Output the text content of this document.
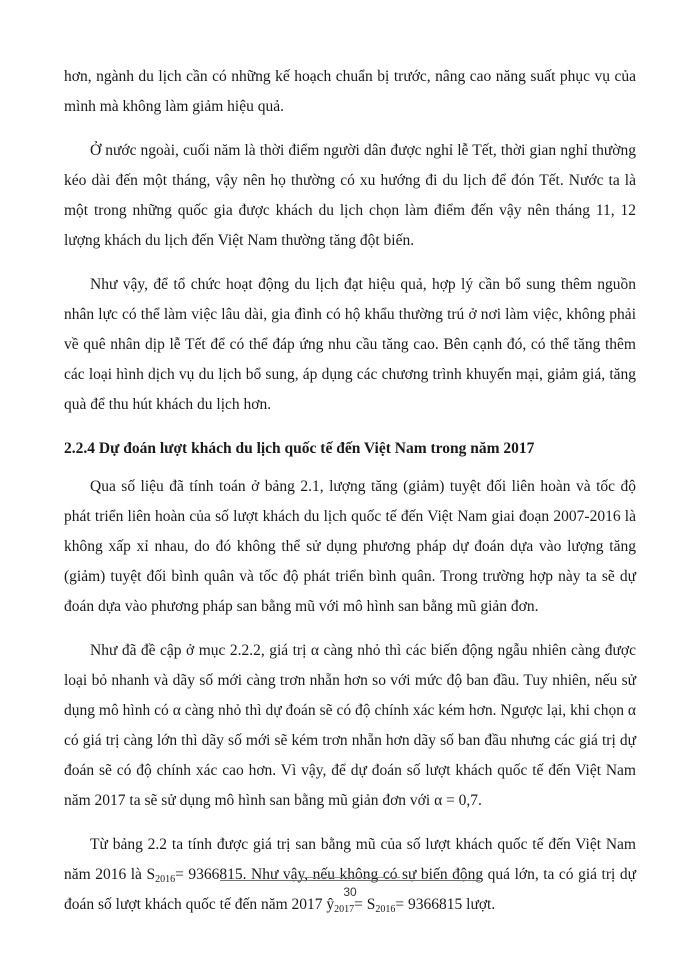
hơn, ngành du lịch cần có những kế hoạch chuẩn bị trước, nâng cao năng suất phục vụ của mình mà không làm giảm hiệu quả.

Ở nước ngoài, cuối năm là thời điểm người dân được nghỉ lễ Tết, thời gian nghỉ thường kéo dài đến một tháng, vậy nên họ thường có xu hướng đi du lịch để đón Tết. Nước ta là một trong những quốc gia được khách du lịch chọn làm điểm đến vậy nên tháng 11, 12 lượng khách du lịch đến Việt Nam thường tăng đột biến.

Như vậy, để tổ chức hoạt động du lịch đạt hiệu quả, hợp lý cần bổ sung thêm nguồn nhân lực có thể làm việc lâu dài, gia đình có hộ khẩu thường trú ở nơi làm việc, không phải về quê nhân dịp lễ Tết để có thể đáp ứng nhu cầu tăng cao. Bên cạnh đó, có thể tăng thêm các loại hình dịch vụ du lịch bổ sung, áp dụng các chương trình khuyến mại, giảm giá, tăng quà để thu hút khách du lịch hơn.

2.2.4 Dự đoán lượt khách du lịch quốc tế đến Việt Nam trong năm 2017

Qua số liệu đã tính toán ở bảng 2.1, lượng tăng (giảm) tuyệt đối liên hoàn và tốc độ phát triển liên hoàn của số lượt khách du lịch quốc tế đến Việt Nam giai đoạn 2007-2016 là không xấp xỉ nhau, do đó không thể sử dụng phương pháp dự đoán dựa vào lượng tăng (giảm) tuyệt đối bình quân và tốc độ phát triển bình quân. Trong trường hợp này ta sẽ dự đoán dựa vào phương pháp san bằng mũ với mô hình san bằng mũ giản đơn.

Như đã đề cập ở mục 2.2.2, giá trị α càng nhỏ thì các biến động ngẫu nhiên càng được loại bỏ nhanh và dãy số mới càng trơn nhẵn hơn so với mức độ ban đầu. Tuy nhiên, nếu sử dụng mô hình có α càng nhỏ thì dự đoán sẽ có độ chính xác kém hơn. Ngược lại, khi chọn α có giá trị càng lớn thì dãy số mới sẽ kém trơn nhẵn hơn dãy số ban đầu nhưng các giá trị dự đoán sẽ có độ chính xác cao hơn. Vì vậy, để dự đoán số lượt khách quốc tế đến Việt Nam năm 2017 ta sẽ sử dụng mô hình san bằng mũ giản đơn với α = 0,7.

Từ bảng 2.2 ta tính được giá trị san bằng mũ của số lượt khách quốc tế đến Việt Nam năm 2016 là $S_{2016}= 9366815$. Như vậy, nếu không có sự biến động quá lớn, ta có giá trị dự đoán số lượt khách quốc tế đến năm 2017 $ŷ_{2017}= S_{2016}= 9366815$ lượt.

30
